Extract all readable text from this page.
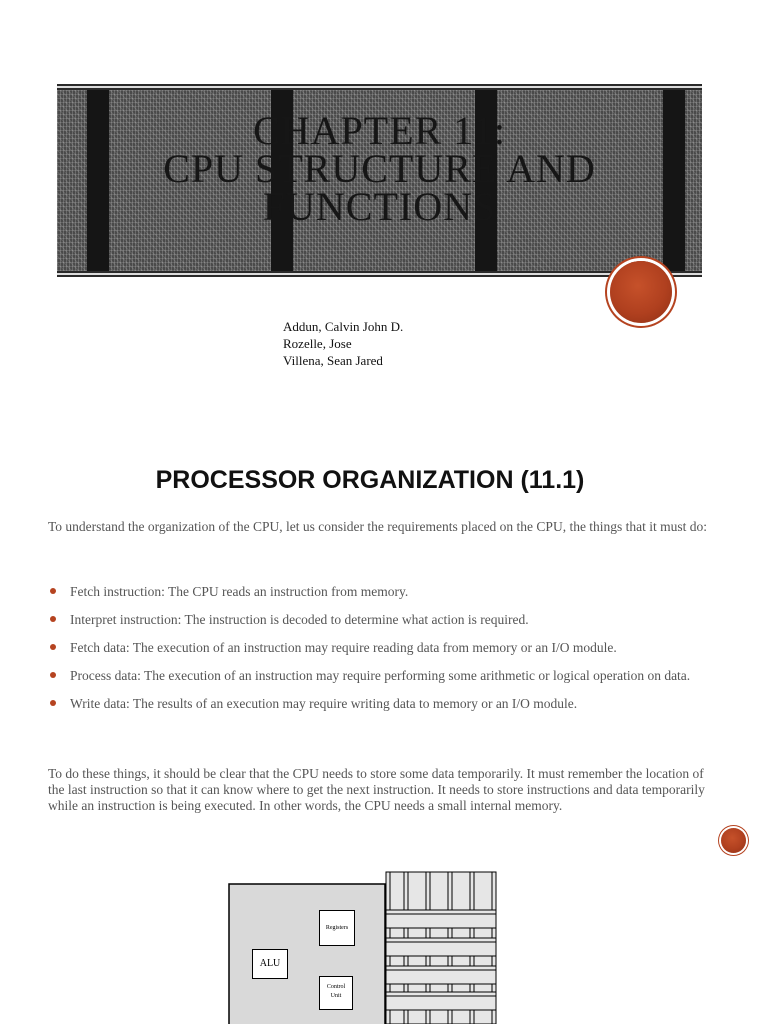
CHAPTER 11:
CPU STRUCTURE AND
FUNCTIONS
Addun, Calvin John D.
Rozelle, Jose
Villena, Sean Jared
PROCESSOR ORGANIZATION (11.1)
To understand the organization of the CPU, let us consider the requirements placed on the CPU, the things that it must do:
Fetch instruction: The CPU reads an instruction from memory.
Interpret instruction: The instruction is decoded to determine what action is required.
Fetch data: The execution of an instruction may require reading data from memory or an I/O module.
Process data: The execution of an instruction may require performing some arithmetic or logical operation on data.
Write data: The results of an execution may require writing data to memory or an I/O module.
To do these things, it should be clear that the CPU needs to store some data temporarily. It must remember the location of the last instruction so that it can know where to get the next instruction. It needs to store instructions and data temporarily while an instruction is being executed. In other words, the CPU needs a small internal memory.
ALU
Registers
Control
Unit
